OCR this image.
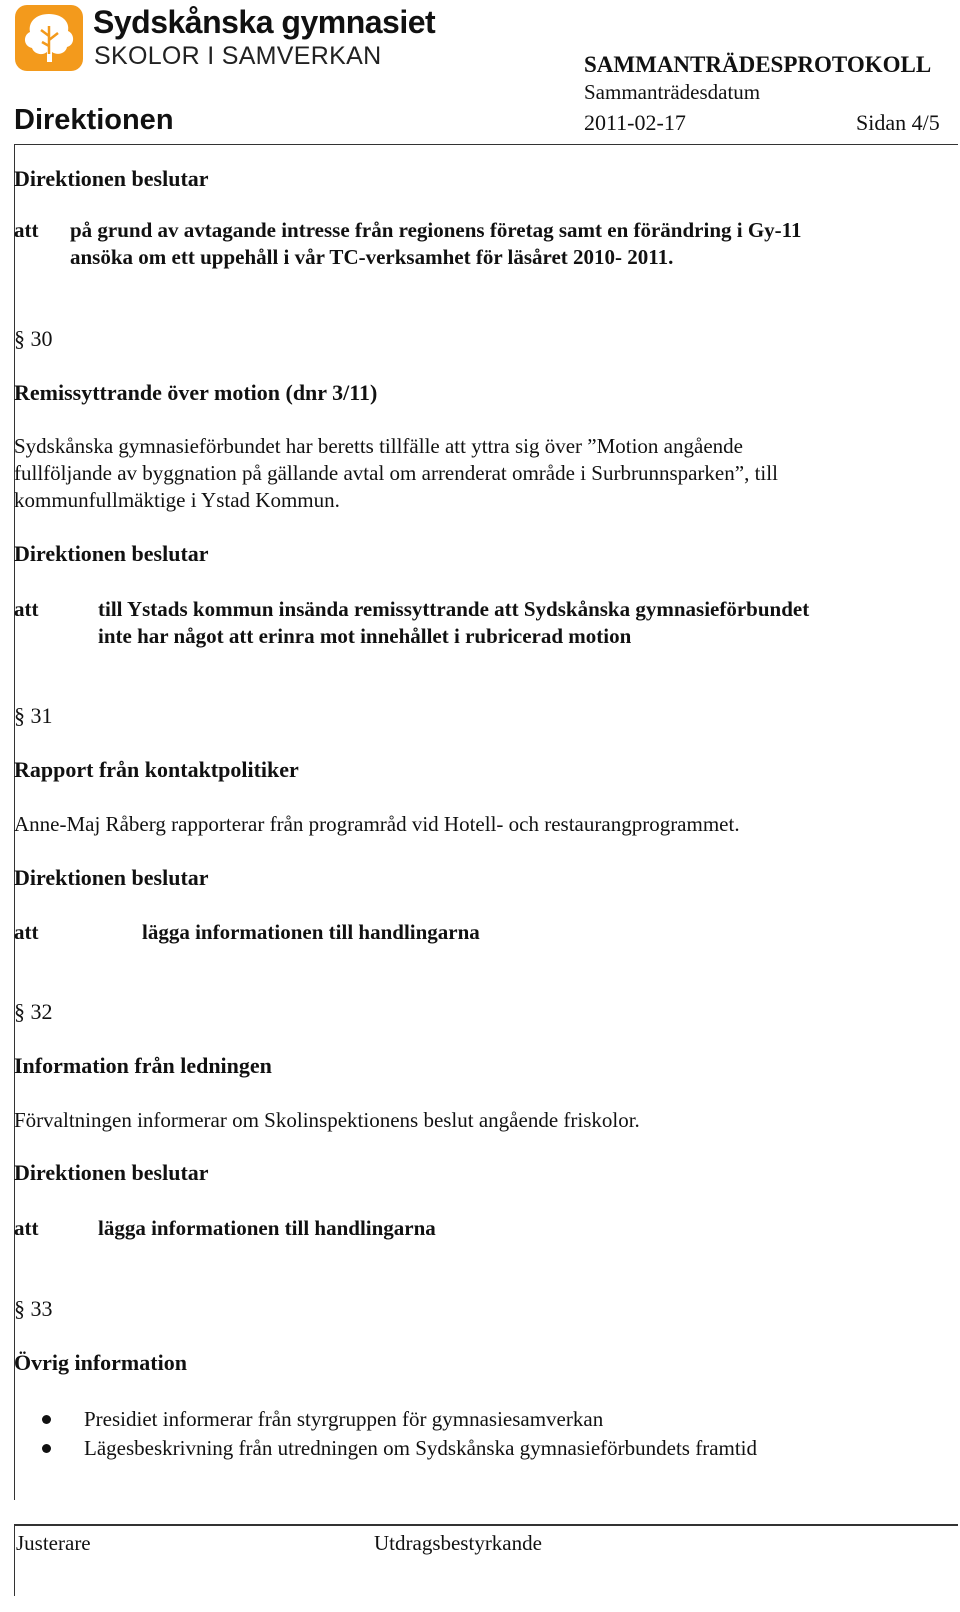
Sydskånska gymnasiet
SKOLOR I SAMVERKAN	SAMMANTRÄDESPROTOKOLL
Sammanträdesdatum
Direktionen	2011-02-17	Sidan 4/5
Direktionen beslutar
att på grund av avtagande intresse från regionens företag samt en förändring i Gy-11
ansöka om ett uppehåll i vår TC-verksamhet för läsåret 2010- 2011.
§ 30
Remissyttrande över motion (dnr 3/11)
Sydskånska gymnasieförbundet har beretts tillfälle att yttra sig över ”Motion angående
fullföljande av byggnation på gällande avtal om arrenderat område i Surbrunnsparken”, till
kommunfullmäktige i Ystad Kommun.
Direktionen beslutar
att	till Ystads kommun insända remissyttrande att Sydskånska gymnasieförbundet
inte har något att erinra mot innehållet i rubricerad motion
§ 31
Rapport från kontaktpolitiker
Anne-Maj Råberg rapporterar från programråd vid Hotell- och restaurangprogrammet.
Direktionen beslutar
att	lägga informationen till handlingarna
§ 32
Information från ledningen
Förvaltningen informerar om Skolinspektionens beslut angående friskolor.
Direktionen beslutar
att	lägga informationen till handlingarna
§ 33
Övrig information
Presidiet informerar från styrgruppen för gymnasiesamverkan
Lägesbeskrivning från utredningen om Sydskånska gymnasieförbundets framtid
Justerare	Utdragsbestyrkande
